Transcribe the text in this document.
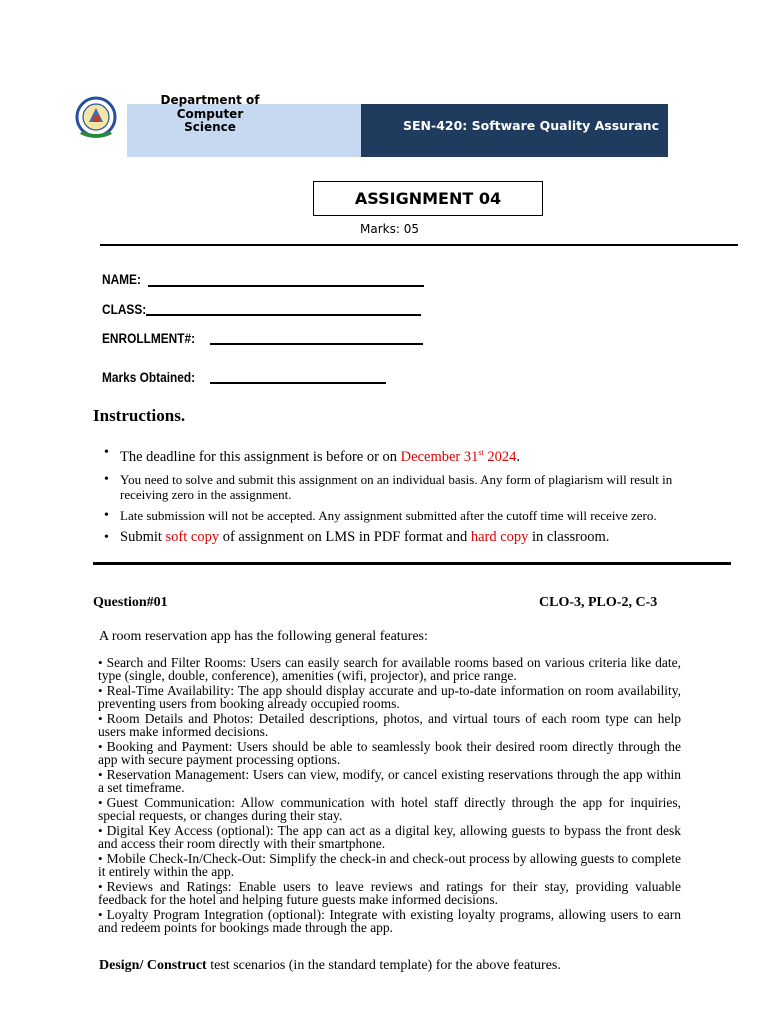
Department of Computer Science	SEN-420: Software Quality Assuranc
ASSIGNMENT 04
Marks: 05
NAME:
CLASS:
ENROLLMENT#:
Marks Obtained:
Instructions.
• The deadline for this assignment is before or on December 31st 2024.
• You need to solve and submit this assignment on an individual basis. Any form of plagiarism will result in receiving zero in the assignment.
• Late submission will not be accepted. Any assignment submitted after the cutoff time will receive zero.
• Submit soft copy of assignment on LMS in PDF format and hard copy in classroom.
Question#01	CLO-3, PLO-2, C-3
A room reservation app has the following general features:
• Search and Filter Rooms: Users can easily search for available rooms based on various criteria like date, type (single, double, conference), amenities (wifi, projector), and price range.
• Real-Time Availability: The app should display accurate and up-to-date information on room availability, preventing users from booking already occupied rooms.
• Room Details and Photos: Detailed descriptions, photos, and virtual tours of each room type can help users make informed decisions.
• Booking and Payment: Users should be able to seamlessly book their desired room directly through the app with secure payment processing options.
• Reservation Management: Users can view, modify, or cancel existing reservations through the app within a set timeframe.
• Guest Communication: Allow communication with hotel staff directly through the app for inquiries, special requests, or changes during their stay.
• Digital Key Access (optional): The app can act as a digital key, allowing guests to bypass the front desk and access their room directly with their smartphone.
• Mobile Check-In/Check-Out: Simplify the check-in and check-out process by allowing guests to complete it entirely within the app.
• Reviews and Ratings: Enable users to leave reviews and ratings for their stay, providing valuable feedback for the hotel and helping future guests make informed decisions.
• Loyalty Program Integration (optional): Integrate with existing loyalty programs, allowing users to earn and redeem points for bookings made through the app.
Design/ Construct test scenarios (in the standard template) for the above features.
